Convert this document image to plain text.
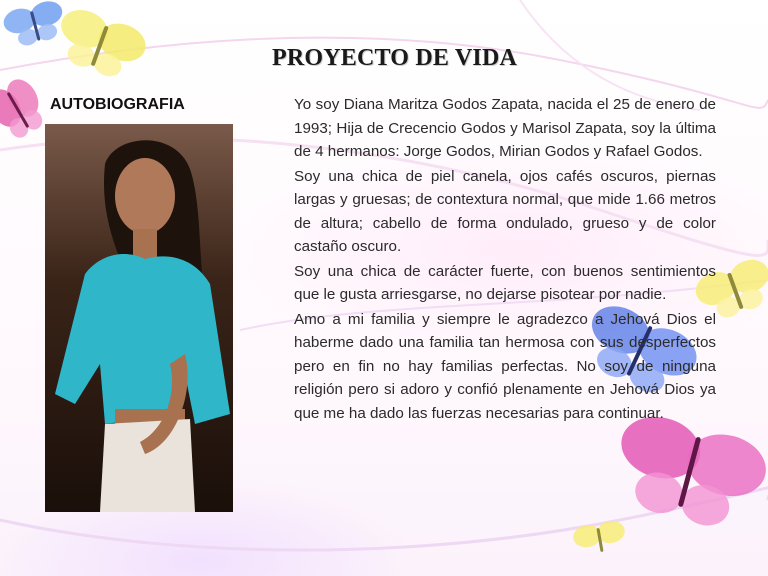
PROYECTO DE VIDA
AUTOBIOGRAFIA	Yo soy Diana Maritza Godos Zapata, nacida el 25 de enero de 1993; Hija de Crecencio Godos y Marisol Zapata, soy la última de 4 hermanos: Jorge Godos, Mirian Godos y Rafael Godos.

Soy una chica de piel canela, ojos cafés oscuros, piernas largas y gruesas; de contextura normal, que mide 1.66 metros de altura; cabello de forma ondulado, grueso y de color castaño oscuro.

Soy una chica de carácter fuerte, con buenos sentimientos que le gusta arriesgarse, no dejarse pisotear por nadie.

Amo a mi familia y siempre le agradezco a Jehová Dios el haberme dado una familia tan hermosa con sus desperfectos pero en fin no hay familias perfectas. No soy de ninguna religión pero si adoro y confió plenamente en Jehová Dios ya que me ha dado las fuerzas necesarias para continuar.
